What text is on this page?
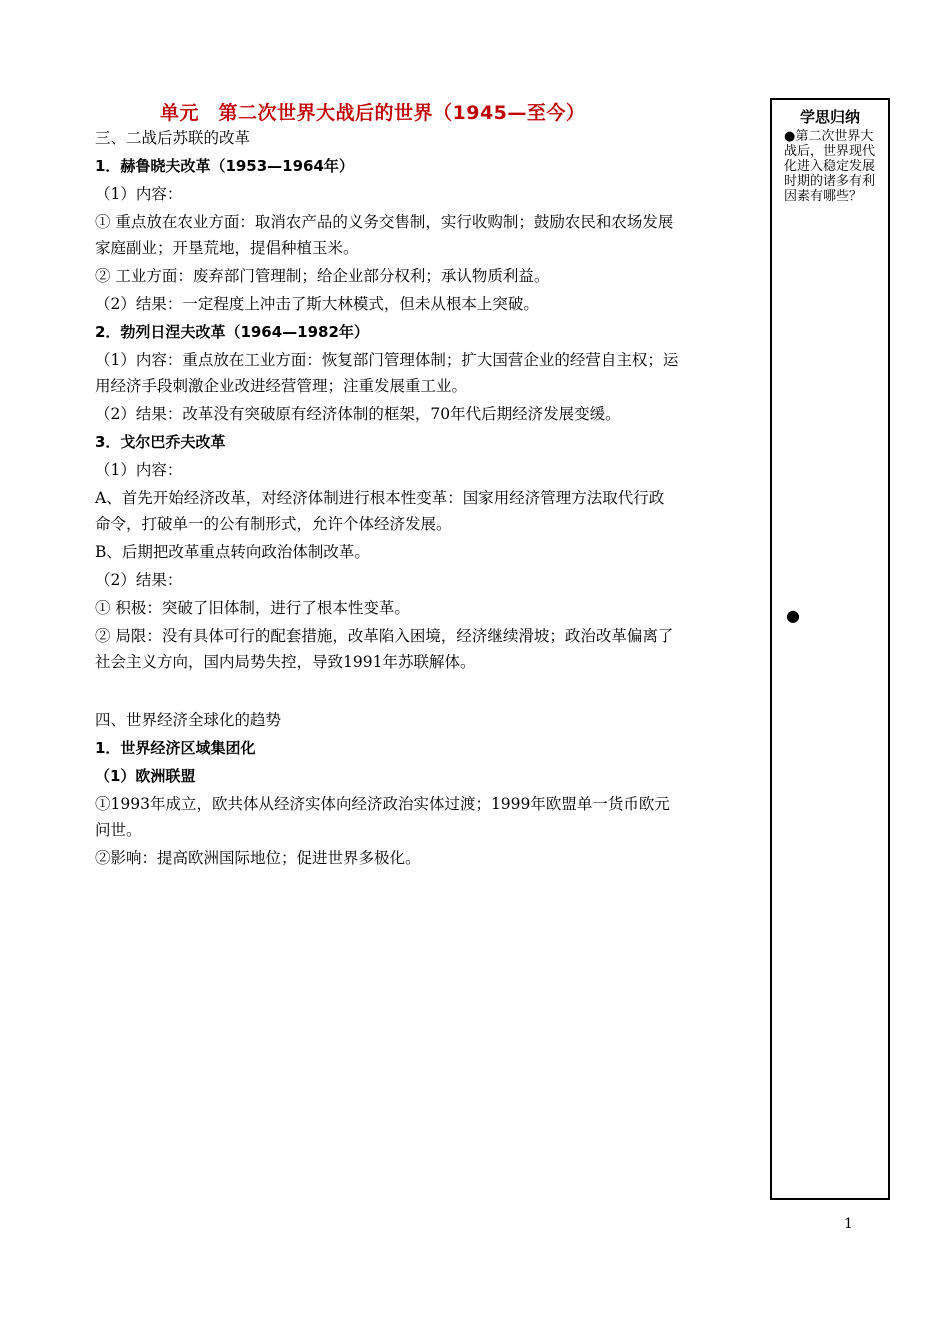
单元　第二次世界大战后的世界（1945—至今）

三、二战后苏联的改革

1．赫鲁晓夫改革（1953—1964年）

（1）内容：

① 重点放在农业方面：取消农产品的义务交售制，实行收购制；鼓励农民和农场发展

家庭副业；开垦荒地，提倡种植玉米。

② 工业方面：废弃部门管理制；给企业部分权利；承认物质利益。

（2）结果：一定程度上冲击了斯大林模式，但未从根本上突破。

2．勃列日涅夫改革（1964—1982年）

（1）内容：重点放在工业方面：恢复部门管理体制；扩大国营企业的经营自主权；运

用经济手段刺激企业改进经营管理；注重发展重工业。

（2）结果：改革没有突破原有经济体制的框架，70年代后期经济发展变缓。

3．戈尔巴乔夫改革

（1）内容：

A、首先开始经济改革，对经济体制进行根本性变革：国家用经济管理方法取代行政

命令，打破单一的公有制形式，允许个体经济发展。

B、后期把改革重点转向政治体制改革。

（2）结果：

① 积极：突破了旧体制，进行了根本性变革。

② 局限：没有具体可行的配套措施，改革陷入困境，经济继续滑坡；政治改革偏离了

社会主义方向，国内局势失控，导致1991年苏联解体。

四、世界经济全球化的趋势

1．世界经济区域集团化

（1）欧洲联盟

①1993年成立，欧共体从经济实体向经济政治实体过渡；1999年欧盟单一货币欧元

问世。

②影响：提高欧洲国际地位；促进世界多极化。

学思归纳
●第二次世界大战后，世界现代化进入稳定发展时期的诸多有利因素有哪些？
●
1
